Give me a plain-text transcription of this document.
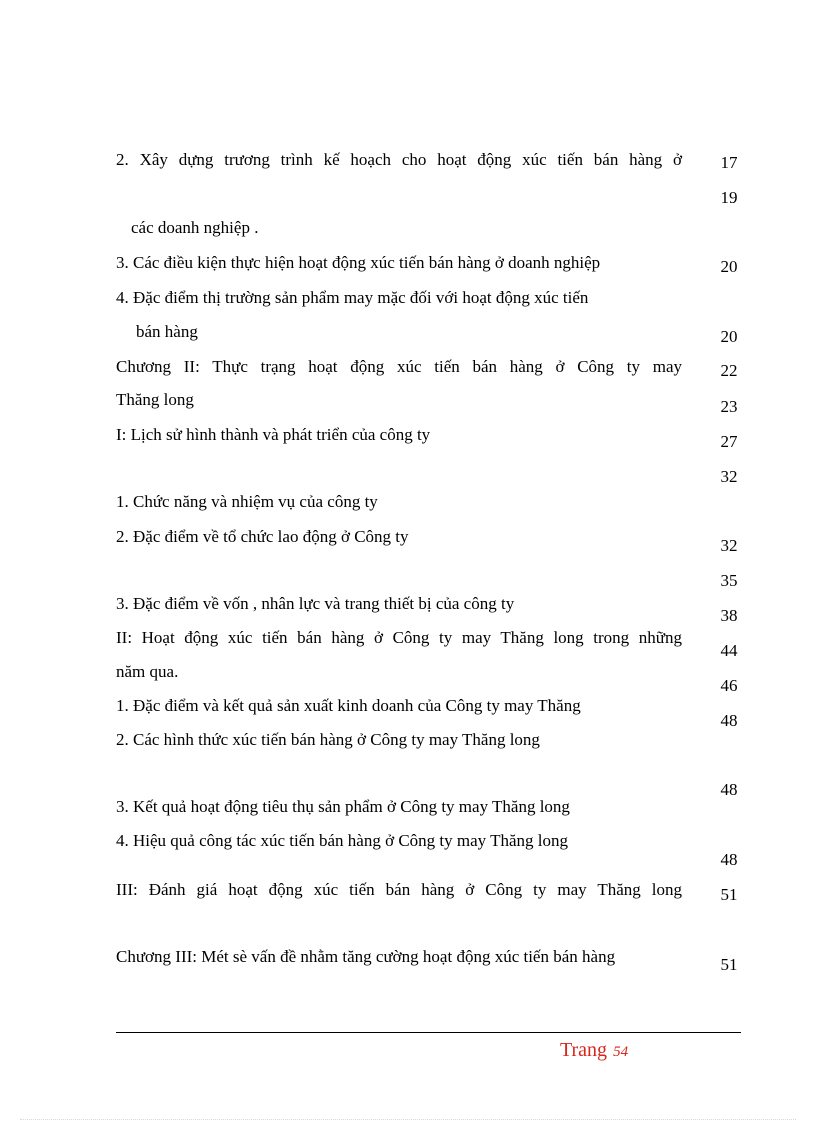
2. Xây dựng trương trình kế hoạch cho hoạt động xúc tiến bán hàng ở
các doanh nghiệp .
3. Các điều kiện thực hiện hoạt động xúc tiến bán hàng ở doanh nghiệp
4. Đặc điểm thị trường sản phẩm may mặc đối với hoạt động xúc tiến
bán hàng
Chương II: Thực trạng hoạt động xúc tiến bán hàng ở Công ty may
Thăng long
I: Lịch sử hình thành và phát triển của công ty
1. Chức năng và nhiệm vụ của công ty
2. Đặc điểm về tổ chức lao động ở Công ty
3. Đặc điểm về vốn , nhân lực và trang thiết bị của công ty
II: Hoạt động xúc tiến bán hàng ở Công ty may Thăng long trong những
năm qua.
1. Đặc điểm và kết quả sản xuất kinh doanh của Công ty may Thăng
2. Các hình thức xúc tiến bán hàng ở Công ty may Thăng long
3. Kết quả hoạt động tiêu thụ sản phẩm ở Công ty may Thăng long
4. Hiệu quả công tác xúc tiến bán hàng ở Công ty may Thăng long
III: Đánh giá hoạt động xúc tiến bán hàng ở Công ty may Thăng long
Chương III: Mét sè vấn đề nhằm tăng cường hoạt động xúc tiến bán hàng
17
19
20
20
22
23
27
32
32
35
38
44
46
48
48
48
51
51
Trang 54
